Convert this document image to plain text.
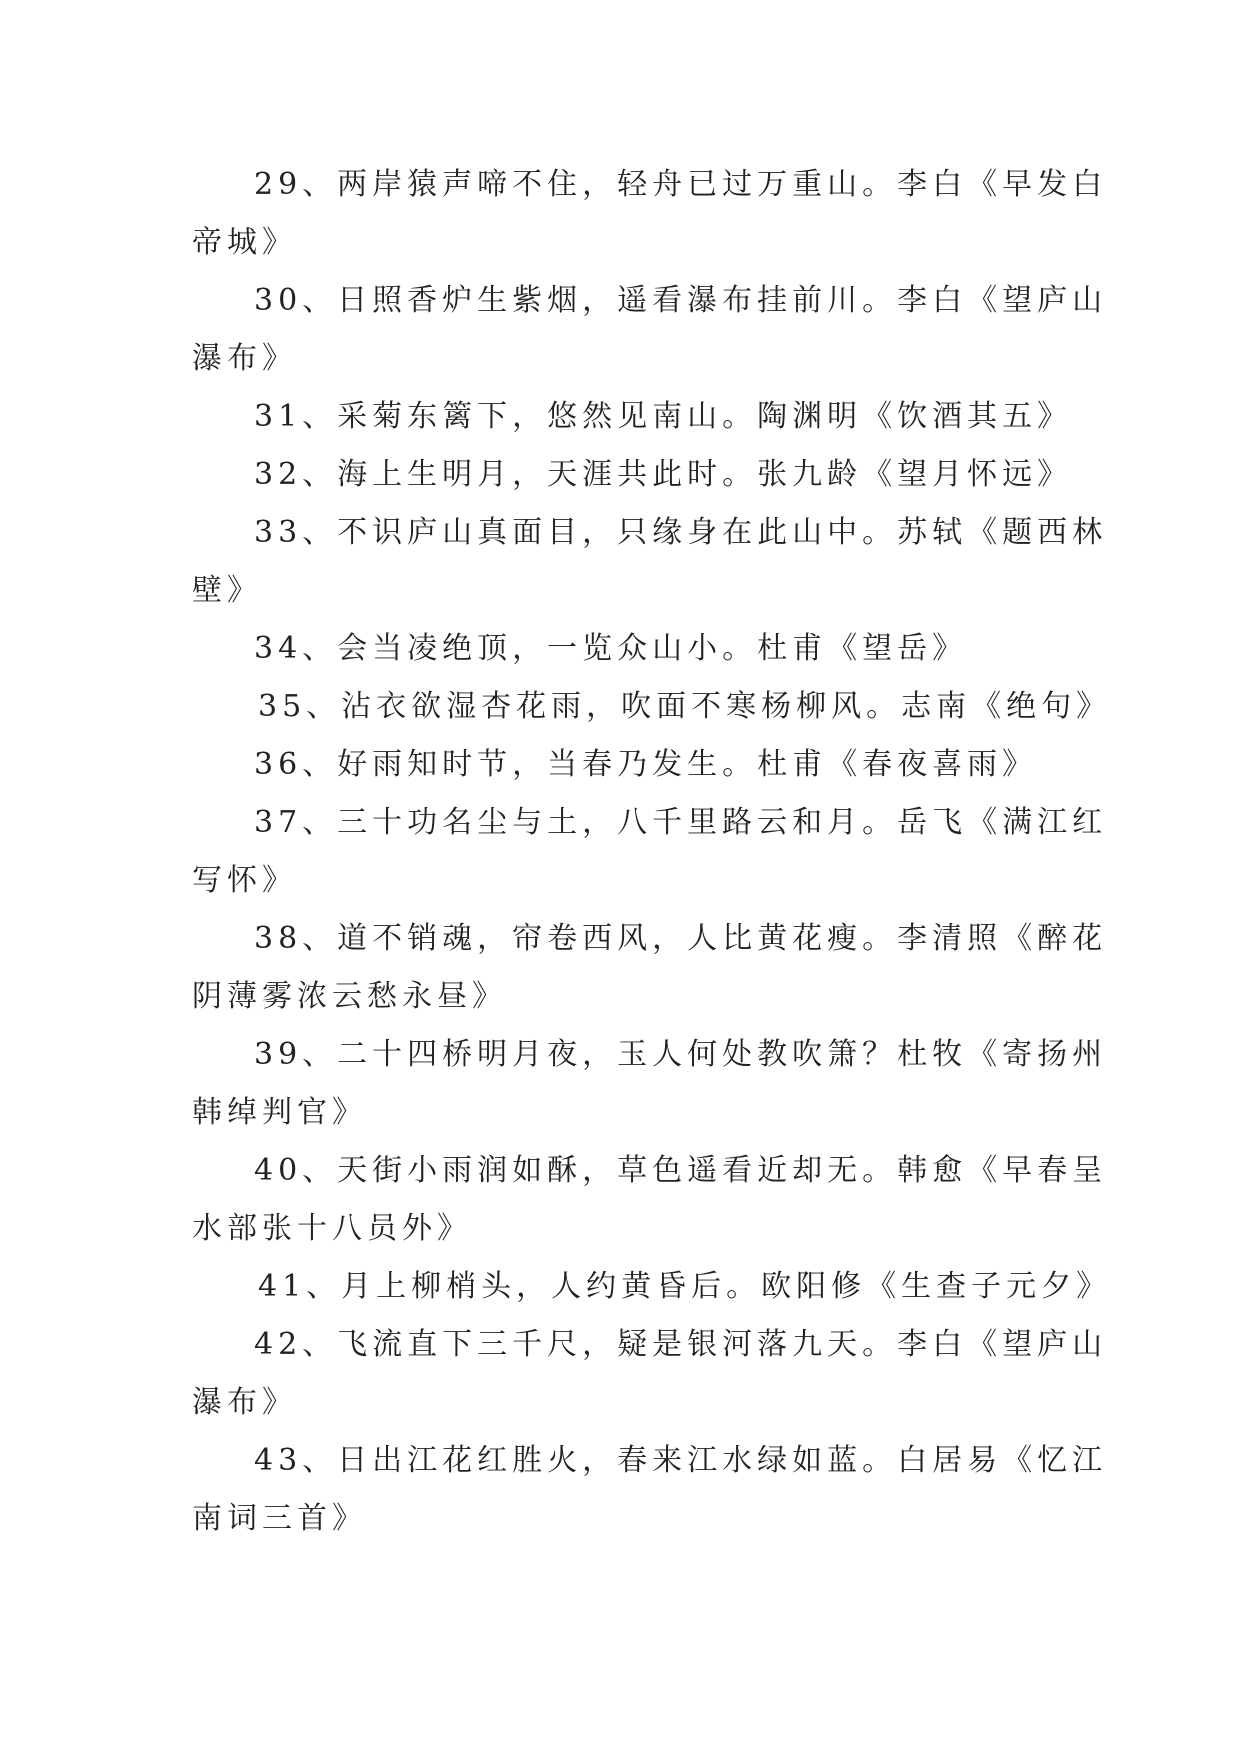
29、两岸猿声啼不住，轻舟已过万重山。李白《早发白
帝城》
30、日照香炉生紫烟，遥看瀑布挂前川。李白《望庐山
瀑布》
31、采菊东篱下，悠然见南山。陶渊明《饮酒其五》
32、海上生明月，天涯共此时。张九龄《望月怀远》
33、不识庐山真面目，只缘身在此山中。苏轼《题西林
壁》
34、会当凌绝顶，一览众山小。杜甫《望岳》
35、沾衣欲湿杏花雨，吹面不寒杨柳风。志南《绝句》
36、好雨知时节，当春乃发生。杜甫《春夜喜雨》
37、三十功名尘与土，八千里路云和月。岳飞《满江红
写怀》
38、道不销魂，帘卷西风，人比黄花瘦。李清照《醉花
阴薄雾浓云愁永昼》
39、二十四桥明月夜，玉人何处教吹箫？杜牧《寄扬州
韩绰判官》
40、天街小雨润如酥，草色遥看近却无。韩愈《早春呈
水部张十八员外》
41、月上柳梢头，人约黄昏后。欧阳修《生查子元夕》
42、飞流直下三千尺，疑是银河落九天。李白《望庐山
瀑布》
43、日出江花红胜火，春来江水绿如蓝。白居易《忆江
南词三首》
